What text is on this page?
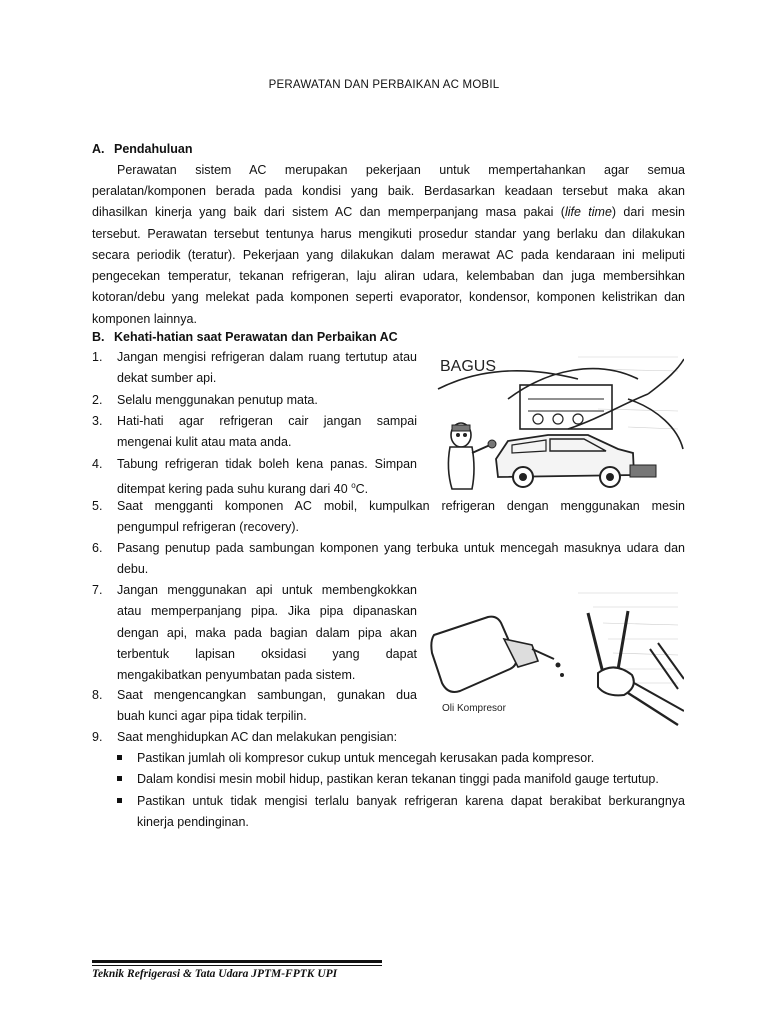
PERAWATAN DAN PERBAIKAN AC MOBIL
A. Pendahuluan
Perawatan sistem AC merupakan pekerjaan untuk mempertahankan agar semua
peralatan/komponen berada pada kondisi yang baik. Berdasarkan keadaan tersebut maka akan
dihasilkan kinerja yang baik dari sistem AC dan memperpanjang masa pakai (life time) dari mesin
tersebut. Perawatan tersebut tentunya harus mengikuti prosedur standar yang berlaku dan dilakukan
secara periodik (teratur). Pekerjaan yang dilakukan dalam merawat AC pada kendaraan ini meliputi
pengecekan temperatur, tekanan refrigeran, laju aliran udara, kelembaban dan juga membersihkan
kotoran/debu yang melekat pada komponen seperti evaporator, kondensor, komponen kelistrikan dan
komponen lainnya.
B. Kehati-hatian saat Perawatan dan Perbaikan AC
1.	Jangan mengisi refrigeran dalam ruang tertutup atau
dekat sumber api.
2.	Selalu menggunakan penutup mata.
3.	Hati-hati agar refrigeran cair jangan sampai
mengenai kulit atau mata anda.
4.	Tabung refrigeran tidak boleh kena panas. Simpan
ditempat kering pada suhu kurang dari 40 $^o$C.
5.	Saat mengganti komponen AC mobil, kumpulkan refrigeran dengan menggunakan mesin
pengumpul refrigeran (recovery).
6.	Pasang penutup pada sambungan komponen yang terbuka untuk mencegah masuknya udara dan
debu.
7.	Jangan menggunakan api untuk membengkokkan
atau memperpanjang pipa. Jika pipa dipanaskan
dengan api, maka pada bagian dalam pipa akan
terbentuk lapisan oksidasi yang dapat
mengakibatkan penyumbatan pada sistem.
8.	Saat mengencangkan sambungan, gunakan dua
buah kunci agar pipa tidak terpilin.
9.	Saat menghidupkan AC dan melakukan pengisian:
Pastikan jumlah oli kompresor cukup untuk mencegah kerusakan pada kompresor.
Dalam kondisi mesin mobil hidup, pastikan keran tekanan tinggi pada manifold gauge tertutup.
Pastikan untuk tidak mengisi terlalu banyak refrigeran karena dapat berakibat berkurangnya
kinerja pendinginan.
BAGUS
Oli Kompresor
Teknik Refrigerasi & Tata Udara JPTM-FPTK UPI
